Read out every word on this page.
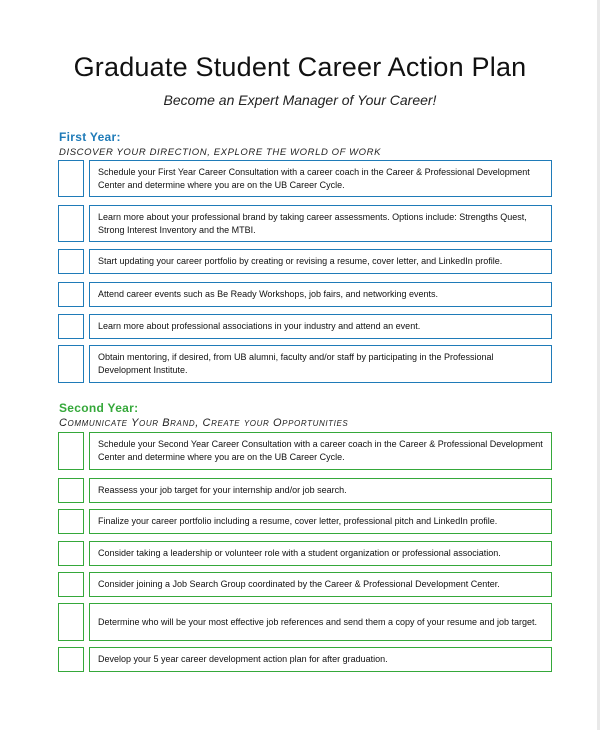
Graduate Student Career Action Plan
Become an Expert Manager of Your Career!
First Year:
DISCOVER YOUR DIRECTION, EXPLORE THE WORLD OF WORK
Schedule your First Year Career Consultation with a career coach in the Career & Professional Development Center and determine where you are on the UB Career Cycle.
Learn more about your professional brand by taking career assessments. Options include: Strengths Quest, Strong Interest Inventory and the MTBI.
Start updating your career portfolio by creating or revising a resume, cover letter, and LinkedIn profile.
Attend career events such as Be Ready Workshops, job fairs, and networking events.
Learn more about professional associations in your industry and attend an event.
Obtain mentoring, if desired, from UB alumni, faculty and/or staff by participating in the Professional Development Institute.
Second Year:
Communicate Your Brand, Create your Opportunities
Schedule your Second Year Career Consultation with a career coach in the Career & Professional Development Center and determine where you are on the UB Career Cycle.
Reassess your job target for your internship and/or job search.
Finalize your career portfolio including a resume, cover letter, professional pitch and LinkedIn profile.
Consider taking a leadership or volunteer role with a student organization or professional association.
Consider joining a Job Search Group coordinated by the Career & Professional Development Center.
Determine who will be your most effective job references and send them a copy of your resume and job target.
Develop your 5 year career development action plan for after graduation.
